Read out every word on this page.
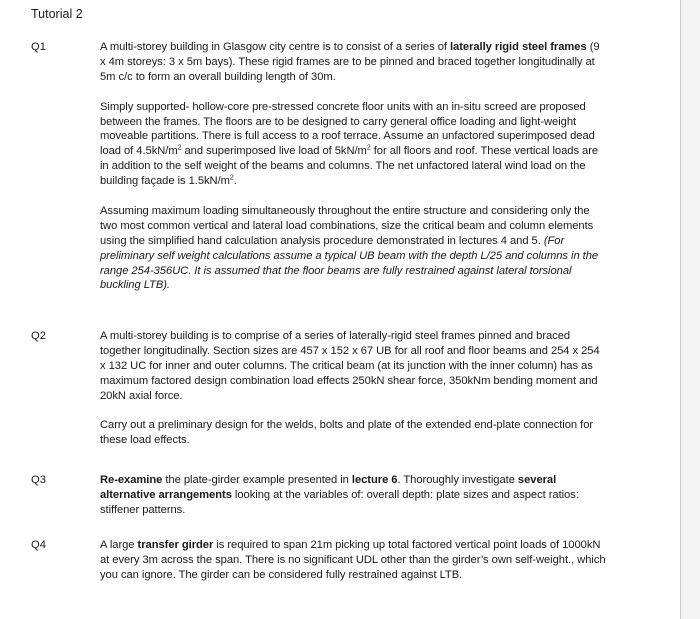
Tutorial 2
Q1	A multi-storey building in Glasgow city centre is to consist of a series of laterally rigid steel frames (9 x 4m storeys: 3 x 5m bays). These rigid frames are to be pinned and braced together longitudinally at 5m c/c to form an overall building length of 30m.

Simply supported- hollow-core pre-stressed concrete floor units with an in-situ screed are proposed between the frames. The floors are to be designed to carry general office loading and light-weight moveable partitions. There is full access to a roof terrace. Assume an unfactored superimposed dead load of $4.5kN/m^2$ and superimposed live load of $5kN/m^2$ for all floors and roof. These vertical loads are in addition to the self weight of the beams and columns. The net unfactored lateral wind load on the building façade is $1.5kN/m^2$.

Assuming maximum loading simultaneously throughout the entire structure and considering only the two most common vertical and lateral load combinations, size the critical beam and column elements using the simplified hand calculation analysis procedure demonstrated in lectures 4 and 5. (For preliminary self weight calculations assume a typical UB beam with the depth L/25 and columns in the range 254-356UC. It is assumed that the floor beams are fully restrained against lateral torsional buckling LTB).

Q2	A multi-storey building is to comprise of a series of laterally-rigid steel frames pinned and braced together longitudinally. Section sizes are 457 x 152 x 67 UB for all roof and floor beams and 254 x 254 x 132 UC for inner and outer columns. The critical beam (at its junction with the inner column) has as maximum factored design combination load effects 250kN shear force, 350kNm bending moment and 20kN axial force.

Carry out a preliminary design for the welds, bolts and plate of the extended end-plate connection for these load effects.

Q3	Re-examine the plate-girder example presented in lecture 6. Thoroughly investigate several alternative arrangements looking at the variables of: overall depth: plate sizes and aspect ratios: stiffener patterns.

Q4	A large transfer girder is required to span 21m picking up total factored vertical point loads of 1000kN at every 3m across the span. There is no significant UDL other than the girder’s own self-weight., which you can ignore. The girder can be considered fully restrained against LTB.
